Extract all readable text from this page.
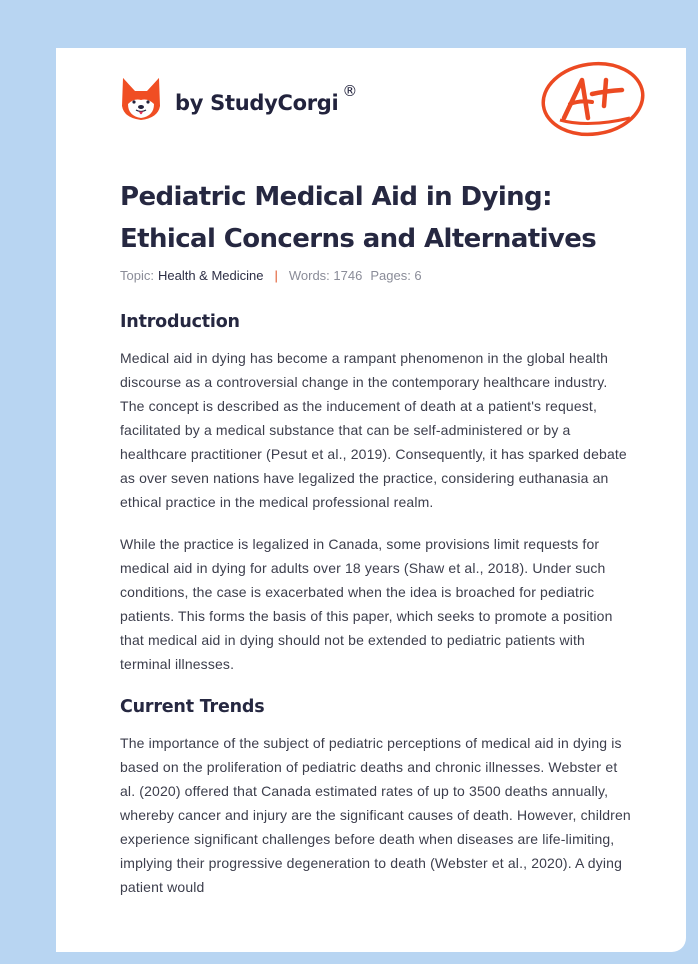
by StudyCorgi ®
Pediatric Medical Aid in Dying:
Ethical Concerns and Alternatives
Topic: Health & Medicine | Words: 1746 Pages: 6
Introduction

Medical aid in dying has become a rampant phenomenon in the global health discourse as a controversial change in the contemporary healthcare industry. The concept is described as the inducement of death at a patient's request, facilitated by a medical substance that can be self-administered or by a healthcare practitioner (Pesut et al., 2019). Consequently, it has sparked debate as over seven nations have legalized the practice, considering euthanasia an ethical practice in the medical professional realm.

While the practice is legalized in Canada, some provisions limit requests for medical aid in dying for adults over 18 years (Shaw et al., 2018). Under such conditions, the case is exacerbated when the idea is broached for pediatric patients. This forms the basis of this paper, which seeks to promote a position that medical aid in dying should not be extended to pediatric patients with terminal illnesses.

Current Trends

The importance of the subject of pediatric perceptions of medical aid in dying is based on the proliferation of pediatric deaths and chronic illnesses. Webster et al. (2020) offered that Canada estimated rates of up to 3500 deaths annually, whereby cancer and injury are the significant causes of death. However, children experience significant challenges before death when diseases are life-limiting, implying their progressive degeneration to death (Webster et al., 2020). A dying patient would
